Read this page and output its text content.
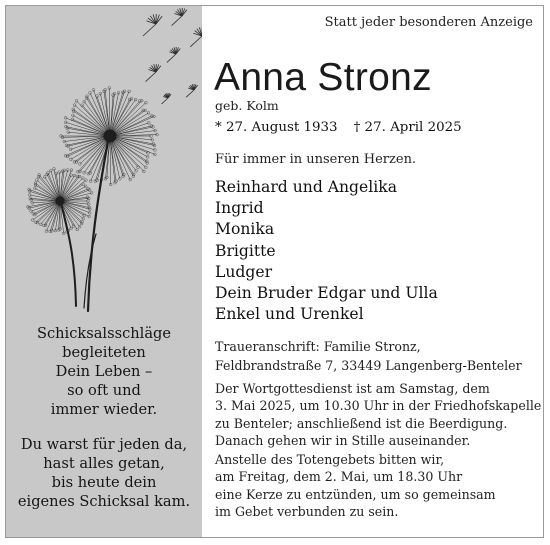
Schicksalsschläge
begleiteten
Dein Leben –
so oft und
immer wieder.
Du warst für jeden da,
hast alles getan,
bis heute dein
eigenes Schicksal kam.
Statt jeder besonderen Anzeige
Anna Stronz
geb. Kolm
* 27. August 1933 † 27. April 2025
Für immer in unseren Herzen.
Reinhard und Angelika
Ingrid
Monika
Brigitte
Ludger
Dein Bruder Edgar und Ulla
Enkel und Urenkel
Traueranschrift: Familie Stronz,
Feldbrandstraße 7, 33449 Langenberg-Benteler
Der Wortgottesdienst ist am Samstag, dem
3. Mai 2025, um 10.30 Uhr in der Friedhofskapelle
zu Benteler; anschließend ist die Beerdigung.
Danach gehen wir in Stille auseinander.
Anstelle des Totengebets bitten wir,
am Freitag, dem 2. Mai, um 18.30 Uhr
eine Kerze zu entzünden, um so gemeinsam
im Gebet verbunden zu sein.
